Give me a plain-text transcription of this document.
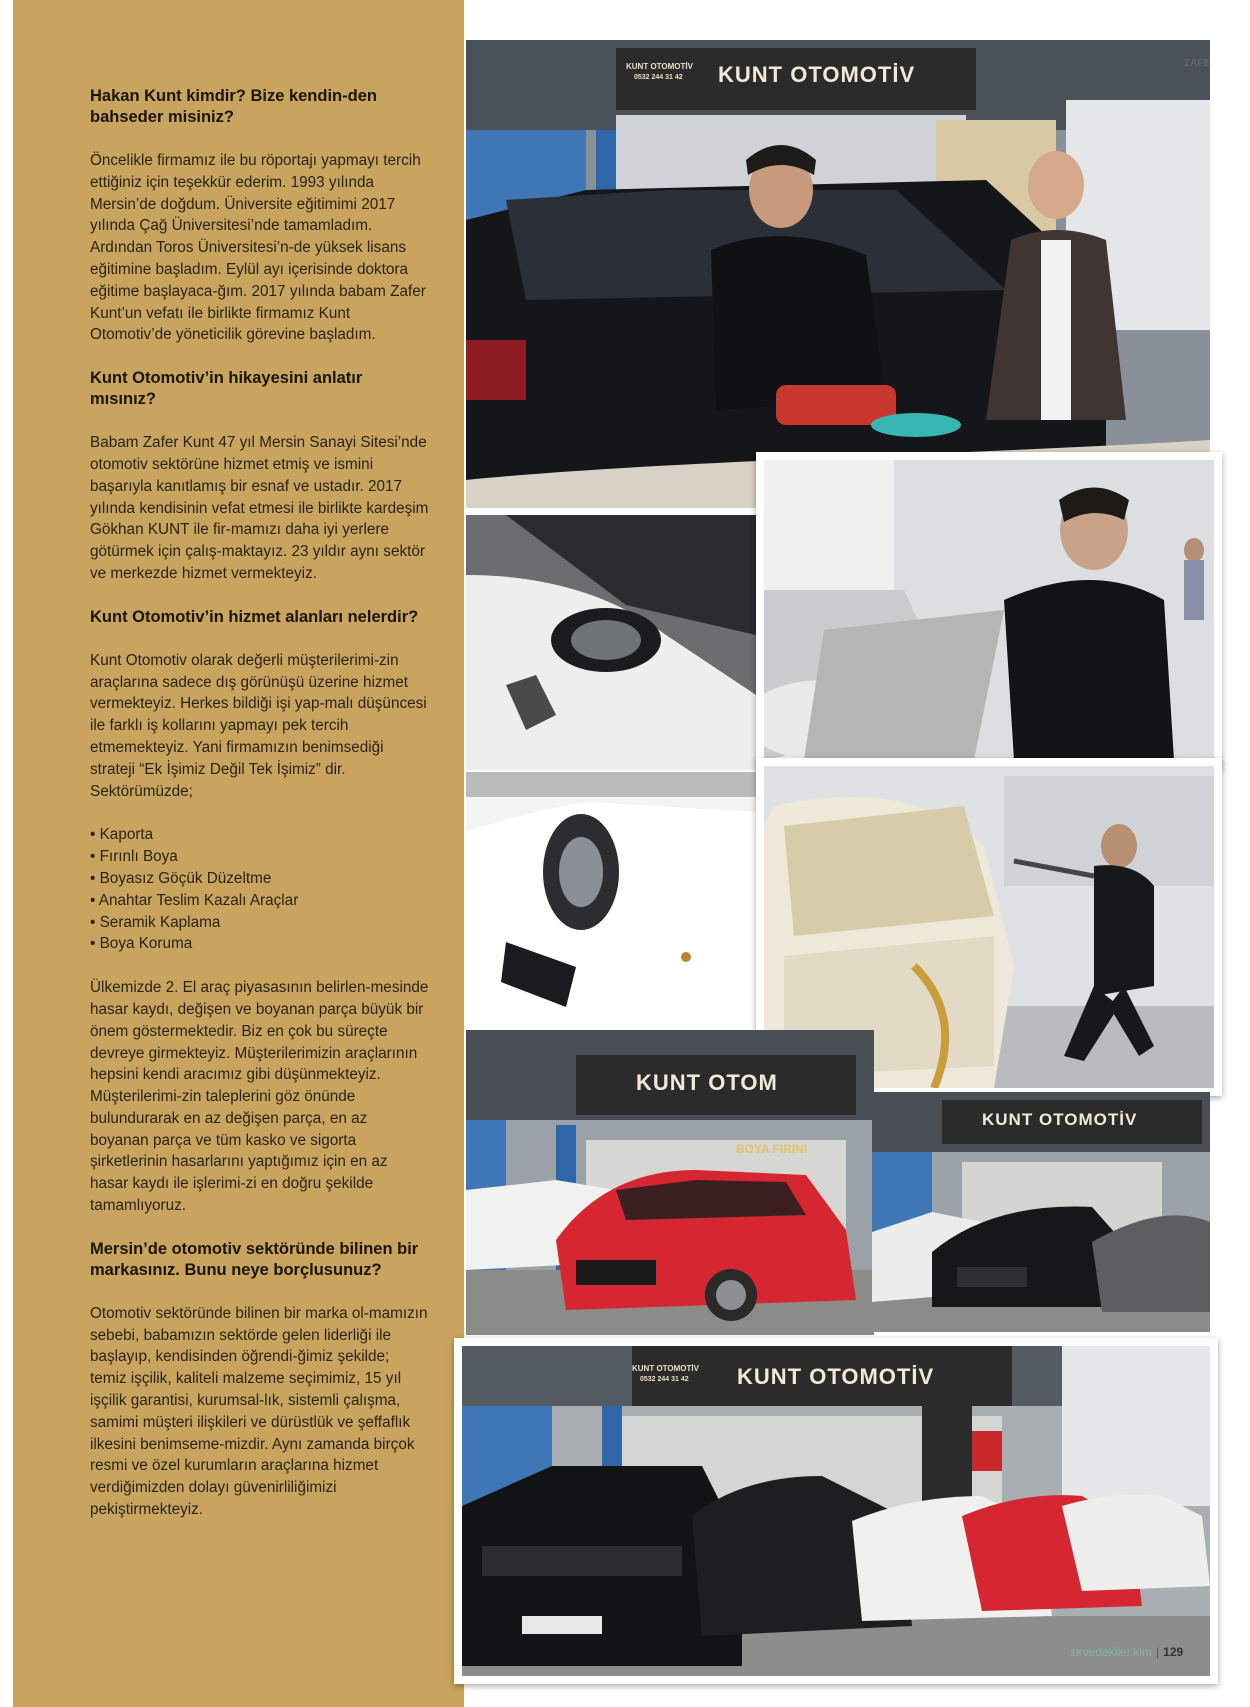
Hakan Kunt kimdir? Bize kendin-den bahseder misiniz?

Öncelikle firmamız ile bu röportajı yapmayı tercih ettiğiniz için teşekkür ederim. 1993 yılında Mersin’de doğdum. Üniversite eğitimimi 2017 yılında Çağ Üniversitesi’nde tamamladım. Ardından Toros Üniversitesi’n-de yüksek lisans eğitimine başladım. Eylül ayı içerisinde doktora eğitime başlayaca-ğım. 2017 yılında babam Zafer Kunt’un vefatı ile birlikte firmamız Kunt Otomotiv’de yöneticilik görevine başladım.

Kunt Otomotiv’in hikayesini anlatır mısınız?

Babam Zafer Kunt 47 yıl Mersin Sanayi Sitesi’nde otomotiv sektörüne hizmet etmiş ve ismini başarıyla kanıtlamış bir esnaf ve ustadır. 2017 yılında kendisinin vefat etmesi ile birlikte kardeşim Gökhan KUNT ile fir-mamızı daha iyi yerlere götürmek için çalış-maktayız. 23 yıldır aynı sektör ve merkezde hizmet vermekteyiz.

Kunt Otomotiv’in hizmet alanları nelerdir?

Kunt Otomotiv olarak değerli müşterilerimi-zin araçlarına sadece dış görünüşü üzerine hizmet vermekteyiz. Herkes bildiği işi yap-malı düşüncesi ile farklı iş kollarını yapmayı pek tercih etmemekteyiz. Yani firmamızın benimsediği strateji “Ek İşimiz Değil Tek İşimiz” dir. Sektörümüzde;

• Kaporta
• Fırınlı Boya
• Boyasız Göçük Düzeltme
• Anahtar Teslim Kazalı Araçlar
• Seramik Kaplama
• Boya Koruma

Ülkemizde 2. El araç piyasasının belirlen-mesinde hasar kaydı, değişen ve boyanan parça büyük bir önem göstermektedir. Biz en çok bu süreçte devreye girmekteyiz. Müşterilerimizin araçlarının hepsini kendi aracımız gibi düşünmekteyiz. Müşterilerimi-zin taleplerini göz önünde bulundurarak en az değişen parça, en az boyanan parça ve tüm kasko ve sigorta şirketlerinin hasarlarını yaptığımız için en az hasar kaydı ile işlerimi-zi en doğru şekilde tamamlıyoruz.

Mersin’de otomotiv sektöründe bilinen bir markasınız. Bunu neye borçlusunuz?

Otomotiv sektöründe bilinen bir marka ol-mamızın sebebi, babamızın sektörde gelen liderliği ile başlayıp, kendisinden öğrendi-ğimiz şekilde; temiz işçilik, kaliteli malzeme seçimimiz, 15 yıl işçilik garantisi, kurumsal-lık, sistemli çalışma, samimi müşteri ilişkileri ve dürüstlük ve şeffaflık ilkesini benimseme-mizdir. Aynı zamanda birçok resmi ve özel kurumların araçlarına hizmet verdiğimizden dolayı güvenirliliğimizi pekiştirmekteyiz.

KUNT OTOMOTİV
KUNT OTOMOTİV
0532 244 31 42
ZAFE
KUNT OTOM
BOYA FIRINI
KUNT OTOMOTİV
KUNT OTOMOTİV
KUNT OTOMOTİV
0532 244 31 42
zirvedekiler.kim | 129
